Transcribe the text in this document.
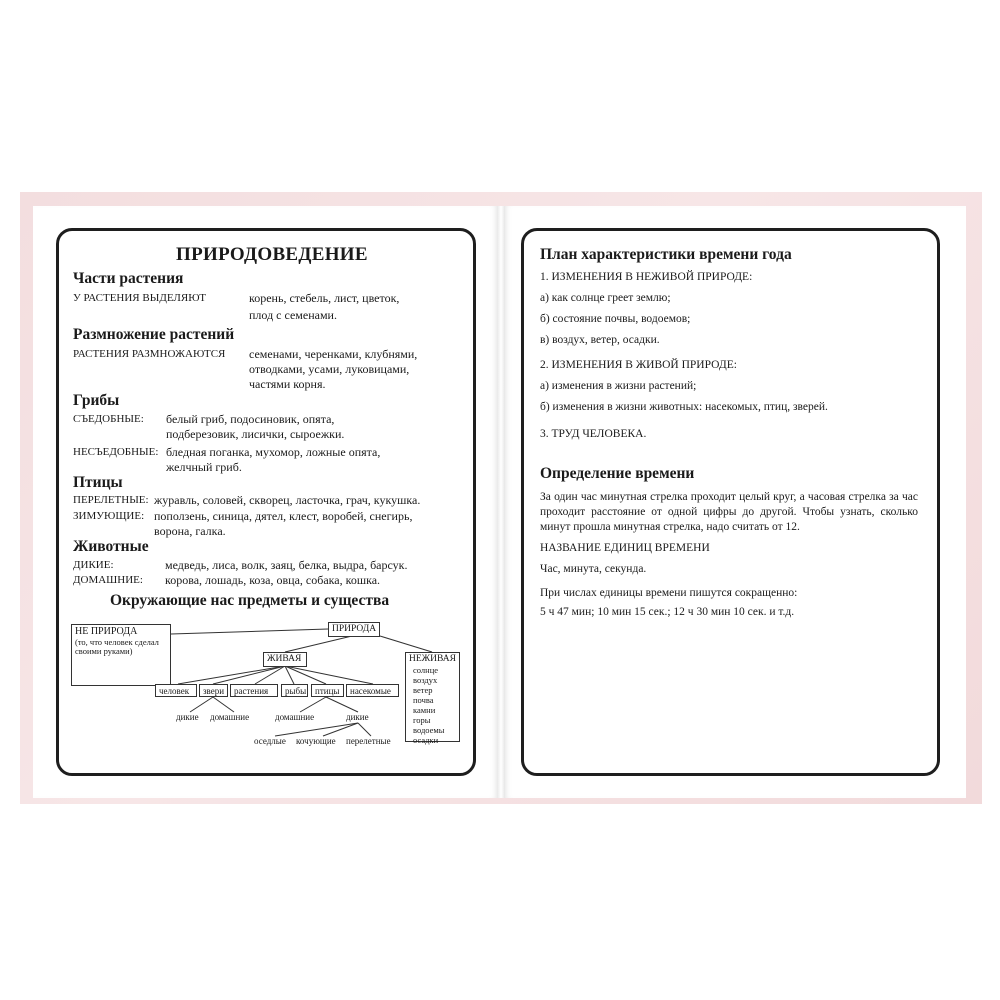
ПРИРОДОВЕДЕНИЕ
Части растения
У РАСТЕНИЯ ВЫДЕЛЯЮТ	корень, стебель, лист, цветок,
плод с семенами.
Размножение растений
РАСТЕНИЯ РАЗМНОЖАЮТСЯ семенами, черенками, клубнями,
отводками, усами, луковицами,
частями корня.
Грибы
СЪЕДОБНЫЕ: белый гриб, подосиновик, опята,
подберезовик, лисички, сыроежки.
НЕСЪЕДОБНЫЕ: бледная поганка, мухомор, ложные опята,
желчный гриб.
Птицы
ПЕРЕЛЕТНЫЕ: журавль, соловей, скворец, ласточка, грач, кукушка.
ЗИМУЮЩИЕ: поползень, синица, дятел, клест, воробей, снегирь,
ворона, галка.
Животные
ДИКИЕ:	медведь, лиса, волк, заяц, белка, выдра, барсук.
ДОМАШНИЕ: корова, лошадь, коза, овца, собака, кошка.
Окружающие нас предметы и существа
НЕ ПРИРОДА
(то, что человек сделал своими руками)
ПРИРОДА
ЖИВАЯ	НЕЖИВАЯ
солнце
воздух
ветер
почва
камни
горы
водоемы
осадки
человек	звери	растения	рыбы птицы	насекомые
дикие домашние	домашние	дикие
оседлые кочующие перелетные
План характеристики времени года
1. ИЗМЕНЕНИЯ В НЕЖИВОЙ ПРИРОДЕ:
а) как солнце греет землю;
б) состояние почвы, водоемов;
в) воздух, ветер, осадки.
2. ИЗМЕНЕНИЯ В ЖИВОЙ ПРИРОДЕ:
а) изменения в жизни растений;
б) изменения в жизни животных: насекомых, птиц, зверей.
3. ТРУД ЧЕЛОВЕКА.
Определение времени
За один час минутная стрелка проходит целый круг, а часовая стрелка за час проходит расстояние от одной цифры до другой. Чтобы узнать, сколько минут прошла минутная стрелка, надо считать от 12.
НАЗВАНИЕ ЕДИНИЦ ВРЕМЕНИ
Час, минута, секунда.
При числах единицы времени пишутся сокращенно:
5 ч 47 мин; 10 мин 15 сек.; 12 ч 30 мин 10 сек. и т.д.
